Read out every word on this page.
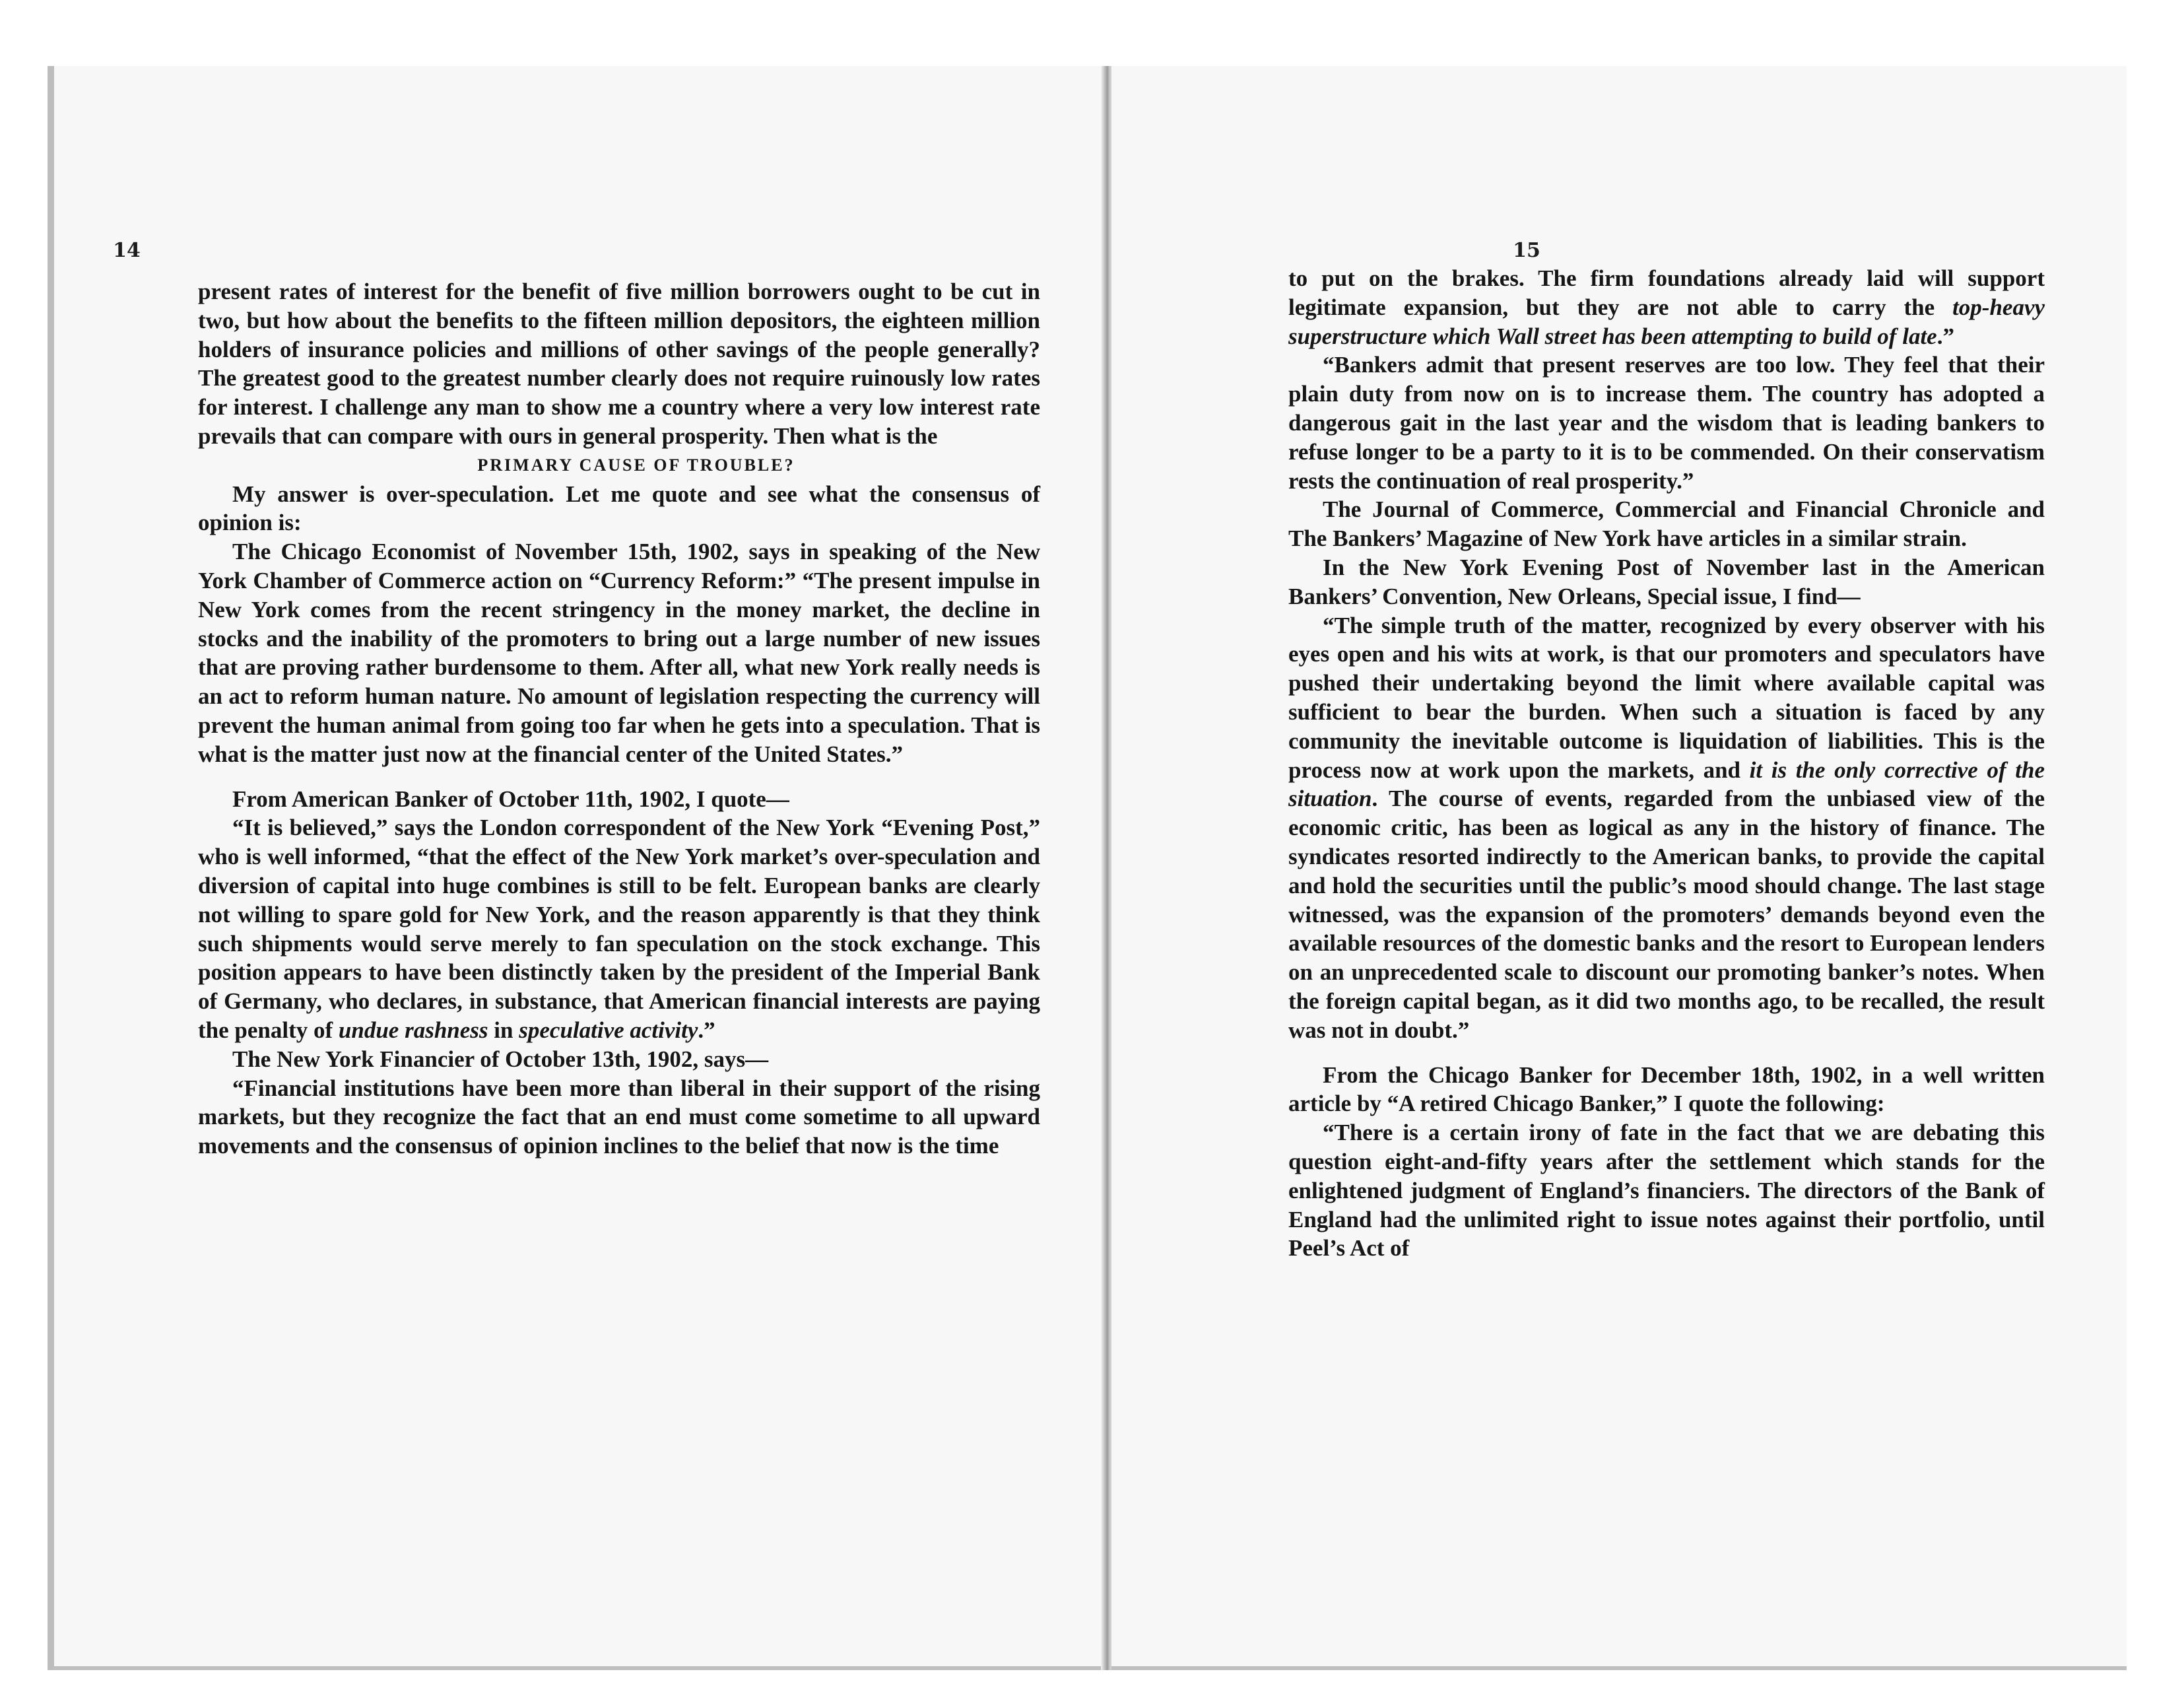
14

present rates of interest for the benefit of five million borrowers ought to be cut in two, but how about the benefits to the fifteen million depositors, the eighteen million holders of insurance policies and millions of other savings of the people generally? The greatest good to the greatest number clearly does not require ruinously low rates for interest. I challenge any man to show me a country where a very low interest rate prevails that can compare with ours in general prosperity. Then what is the

PRIMARY CAUSE OF TROUBLE?

My answer is over-speculation. Let me quote and see what the consensus of opinion is:

The Chicago Economist of November 15th, 1902, says in speaking of the New York Chamber of Commerce action on “Currency Reform:” “The present impulse in New York comes from the recent stringency in the money market, the decline in stocks and the inability of the promoters to bring out a large number of new issues that are proving rather burdensome to them. After all, what new York really needs is an act to reform human nature. No amount of legislation respecting the currency will prevent the human animal from going too far when he gets into a speculation. That is what is the matter just now at the financial center of the United States.”

From American Banker of October 11th, 1902, I quote—

“It is believed,” says the London correspondent of the New York “Evening Post,” who is well informed, “that the effect of the New York market’s over-speculation and diversion of capital into huge combines is still to be felt. European banks are clearly not willing to spare gold for New York, and the reason apparently is that they think such shipments would serve merely to fan speculation on the stock exchange. This position appears to have been distinctly taken by the president of the Imperial Bank of Germany, who declares, in substance, that American financial interests are paying the penalty of undue rashness in speculative activity.”

The New York Financier of October 13th, 1902, says—

“Financial institutions have been more than liberal in their support of the rising markets, but they recognize the fact that an end must come sometime to all upward movements and the consensus of opinion inclines to the belief that now is the time

15

to put on the brakes. The firm foundations already laid will support legitimate expansion, but they are not able to carry the top-heavy superstructure which Wall street has been attempting to build of late.”

“Bankers admit that present reserves are too low. They feel that their plain duty from now on is to increase them. The country has adopted a dangerous gait in the last year and the wisdom that is leading bankers to refuse longer to be a party to it is to be commended. On their conservatism rests the continuation of real prosperity.”

The Journal of Commerce, Commercial and Financial Chronicle and The Bankers’ Magazine of New York have articles in a similar strain.

In the New York Evening Post of November last in the American Bankers’ Convention, New Orleans, Special issue, I find—

“The simple truth of the matter, recognized by every observer with his eyes open and his wits at work, is that our promoters and speculators have pushed their undertaking beyond the limit where available capital was sufficient to bear the burden. When such a situation is faced by any community the inevitable outcome is liquidation of liabilities. This is the process now at work upon the markets, and it is the only corrective of the situation. The course of events, regarded from the unbiased view of the economic critic, has been as logical as any in the history of finance. The syndicates resorted indirectly to the American banks, to provide the capital and hold the securities until the public’s mood should change. The last stage witnessed, was the expansion of the promoters’ demands beyond even the available resources of the domestic banks and the resort to European lenders on an unprecedented scale to discount our promoting banker’s notes. When the foreign capital began, as it did two months ago, to be recalled, the result was not in doubt.”

From the Chicago Banker for December 18th, 1902, in a well written article by “A retired Chicago Banker,” I quote the following:

“There is a certain irony of fate in the fact that we are debating this question eight-and-fifty years after the settlement which stands for the enlightened judgment of England’s financiers. The directors of the Bank of England had the unlimited right to issue notes against their portfolio, until Peel’s Act of
